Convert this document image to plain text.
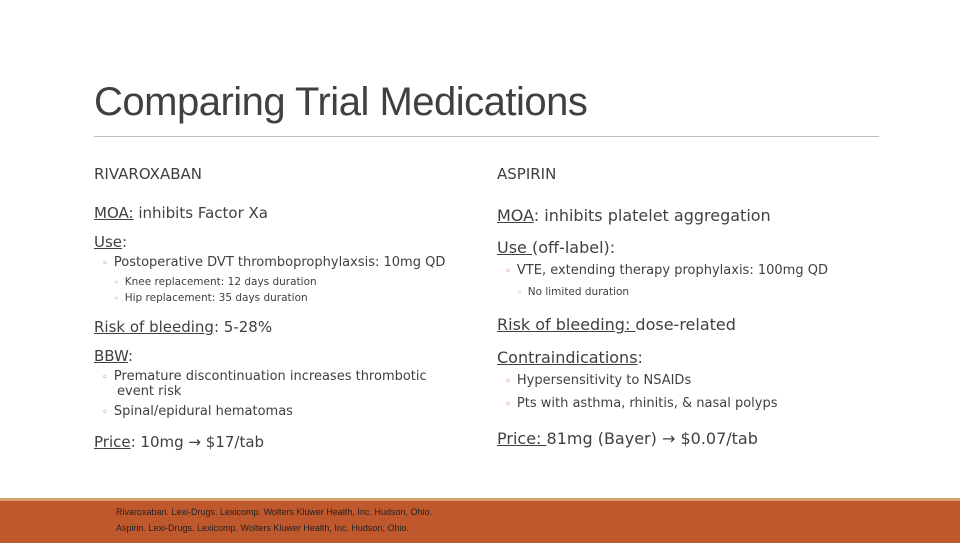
Comparing Trial Medications
RIVAROXABAN
MOA: inhibits Factor Xa
Use:
◦ Postoperative DVT thromboprophylaxsis: 10mg QD
◦ Knee replacement: 12 days duration
◦ Hip replacement: 35 days duration
Risk of bleeding: 5-28%
BBW:
◦ Premature discontinuation increases thrombotic
event risk
◦ Spinal/epidural hematomas
Price: 10mg → $17/tab
ASPIRIN
MOA: inhibits platelet aggregation
Use (off-label):
◦ VTE, extending therapy prophylaxis: 100mg QD
◦ No limited duration
Risk of bleeding: dose-related
Contraindications:
◦ Hypersensitivity to NSAIDs
◦ Pts with asthma, rhinitis, & nasal polyps
Price: 81mg (Bayer) → $0.07/tab
Rivaroxaban. Lexi-Drugs. Lexicomp. Wolters Kluwer Health, Inc. Hudson, Ohio.
Aspirin. Lexi-Drugs. Lexicomp. Wolters Kluwer Health, Inc. Hudson, Ohio.
